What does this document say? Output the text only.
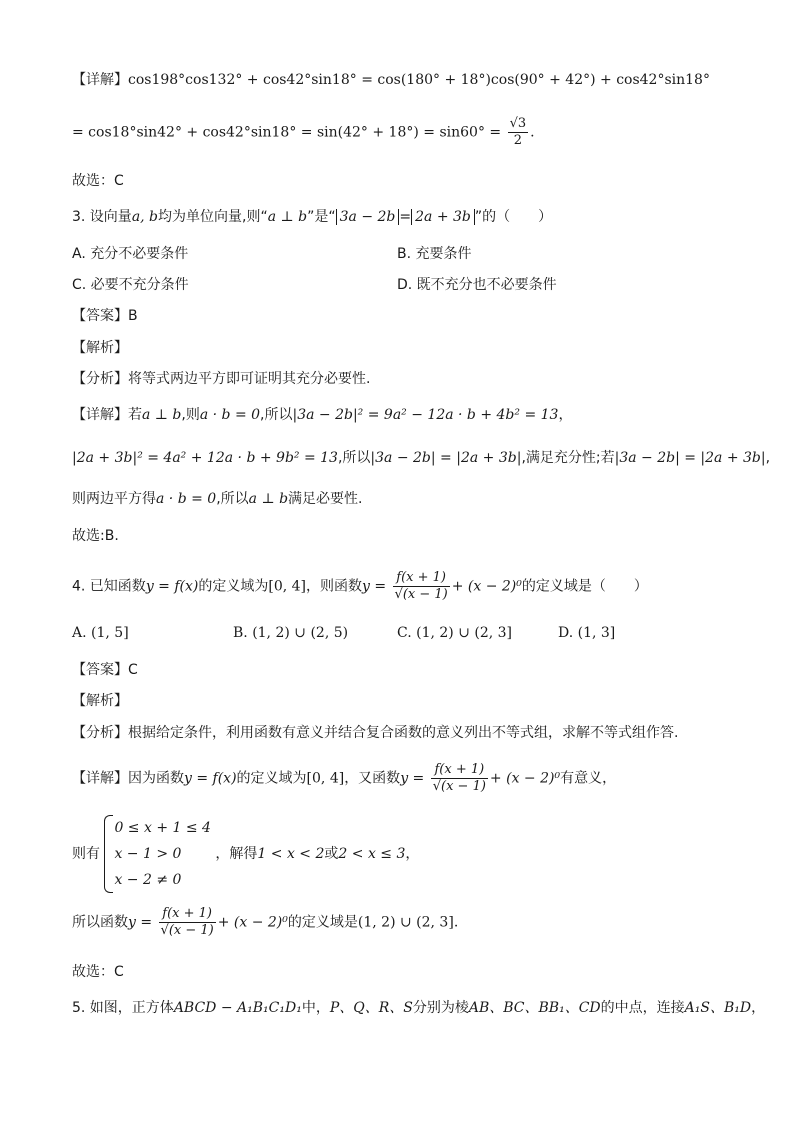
【详解】cos198°cos132° + cos42°sin18° = cos(180° + 18°)cos(90° + 42°) + cos42°sin18°
= $\cos 18^\circ\sin 42^\circ + \cos 42^\circ\sin 18^\circ = \sin(42^\circ + 18^\circ) = \sin 60^\circ = \frac{√3}{2}$ .
故选：C
3. 设向量a, b均为单位向量,则“a ⊥ b”是“ 3a − 2b = 2a + 3b ”的（　　）
A. 充分不必要条件	B. 充要条件
C. 必要不充分条件	D. 既不充分也不必要条件
【答案】B
【解析】
【分析】将等式两边平方即可证明其充分必要性.
【详解】若a ⊥ b,则a · b = 0,所以|3a − 2b|² = 9a² − 12a · b + 4b² = 13，
|2a + 3b|² = 4a² + 12a · b + 9b² = 13,所以|3a − 2b| = |2a + 3b|,满足充分性;若|3a − 2b| = |2a + 3b|,
则两边平方得a · b = 0,所以a ⊥ b满足必要性.
故选:B.
4. 已知函数y = f(x)的定义域为[0, 4]，则函数$y = \frac{f(x + 1)}{√(x - 1)} + (x - 2)^0$的定义域是（　　）
A. (1, 5]	B. (1, 2) ∪ (2, 5)	C. (1, 2) ∪ (2, 3]	D. (1, 3]
【答案】C
【解析】
【分析】根据给定条件，利用函数有意义并结合复合函数的意义列出不等式组，求解不等式组作答.
【详解】因为函数y = f(x)的定义域为[0, 4]，又函数$y = \frac{f(x + 1)}{√(x - 1)} + (x - 2)^0$有意义，
则有
0 ≤ x + 1 ≤ 4
x − 1 > 0
x − 2 ≠ 0
，解得1 < x < 2或2 < x ≤ 3，
所以函数$y = \frac{f(x + 1)}{√(x - 1)} + (x - 2)^0$的定义域是(1, 2) ∪ (2, 3].
故选：C
5. 如图，正方体ABCD − A₁B₁C₁D₁中，P、Q、R、S分别为棱AB、BC、BB₁、CD的中点，连接A₁S、B₁D，
